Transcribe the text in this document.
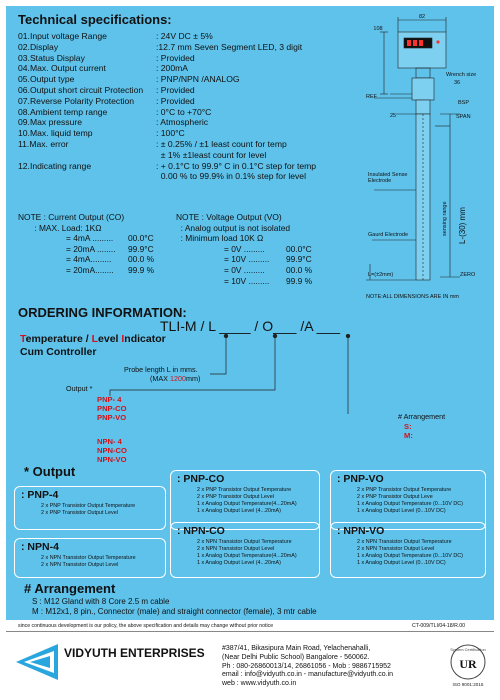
Technical specifications:
01.Input voltage Range	: 24V DC ± 5%
02.Display	:12.7 mm Seven Segment LED, 3 digit
03.Status Display	: Provided
04.Max. Output current	: 200mA
05.Output type	: PNP/NPN /ANALOG
06.Output short circuit Protection	: Provided
07.Reverse Polarity Protection	: Provided
08.Ambient temp range	: 0°C to +70°C
09.Max pressure	: Atmospheric
10.Max. liquid temp	: 100°C
11.Max. error	: ± 0.25% / ±1 least count for temp
± 1% ±1least count for level
12.Indicating range	: + 0.1°C to 99.9° C in 0.1°C step for temp
0.00 % to 99.9% in 0.1% step for level
NOTE : Current Output (CO)
: MAX. Load: 1KΩ
= 4mA .........	00.0°C
= 20mA ........	99.9°C
= 4mA.........	00.0 %
= 20mA........	99.9 %
NOTE : Voltage Output (VO)
: Analog output is not isolated
: Minimum load 10K Ω
= 0V .........	00.0°C
= 10V .........	99.9°C
= 0V .........	00.0 %
= 10V .........	99.9 %
82
108
Wrench size
36
BSP
REF
25	SPAN
Insulated Sense
Electrode
sensing range L-(30) mm
Gaurd Electrode
L=(±2mm)	ZERO
NOTE:ALL DIMENSIONS ARE IN mm
ORDERING INFORMATION:
TLI-M / L ____ / O___ /A ___
Temperature / Level Indicator
Cum Controller
Probe length L in mms.
(MAX 1200mm)
Output *
PNP- 4
PNP-CO
PNP-VO
NPN- 4
NPN-CO
NPN-VO
# Arrangement
S:
M:
* Output
: PNP-4
2 x PNP Transistor Output Temperature
2 x PNP Transistor Output Level
: PNP-CO
2 x PNP Transistor Output Temperature
2 x PNP Transistor Output Level
1 x Analog Output Temperature(4...20mA)
1 x Analog Output Level (4...20mA)
: PNP-VO
2 x PNP Transistor Output Temperature
2 x PNP Transistor Output Leve
1 x Analog Output Temperature (0...10V DC)
1 x Analog Output Level (0...10V DC)
: NPN-4
2 x NPN Transistor Output Temperature
2 x NPN Transistor Output Level
: NPN-CO
2 x NPN Transistor Output Temperature
2 x NPN Transistor Output Level
1 x Analog Output Temperature(4...20mA)
1 x Analog Output Level (4...20mA)
: NPN-VO
2 x NPN Transistor Output Temperature
2 x NPN Transistor Output Level
1 x Analog Output Temperature (0...10V DC)
1 x Analog Output Level (0...10V DC)
# Arrangement
S : M12 Gland with 8 Core 2.5 m cable
M : M12x1, 8 pin., Connector (male) and straight connector (female), 3 mtr cable
since continuous development is our policy, the above specification and details may change without prior notice	CT-009/TLI/04-18/R.00
VIDYUTH ENTERPRISES #387/41, Bikasipura Main Road, Yelachenahalli,
(Near Delhi Public School) Bangalore - 560062.
Ph : 080-26860013/14, 26861056 - Mob : 9886715952
email : info@vidyuth.co.in - manufacture@vidyuth.co.in
web : www.vidyuth.co.in
System Certification
UR
ISO 9001:2015
